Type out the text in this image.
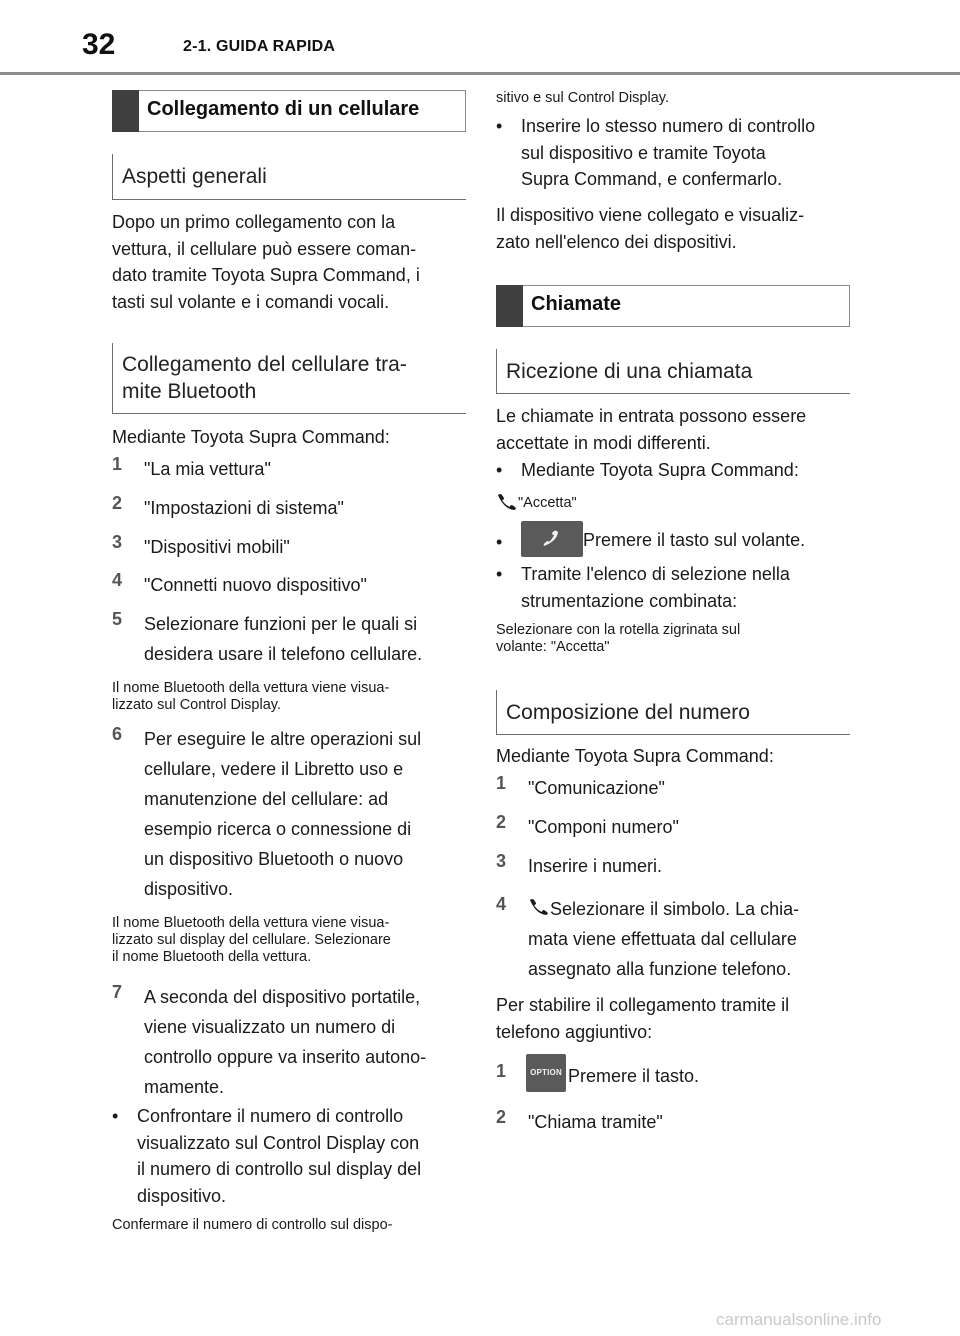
32	2-1. GUIDA RAPIDA
Collegamento di un cellulare
Aspetti generali
Dopo un primo collegamento con la
vettura, il cellulare può essere coman-
dato tramite Toyota Supra Command, i
tasti sul volante e i comandi vocali.
Collegamento del cellulare tra-
mite Bluetooth
Mediante Toyota Supra Command:
1 "La mia vettura"
2 "Impostazioni di sistema"
3 "Dispositivi mobili"
4 "Connetti nuovo dispositivo"
5 Selezionare funzioni per le quali si
desidera usare il telefono cellulare.
Il nome Bluetooth della vettura viene visua-
lizzato sul Control Display.
6 Per eseguire le altre operazioni sul
cellulare, vedere il Libretto uso e
manutenzione del cellulare: ad
esempio ricerca o connessione di
un dispositivo Bluetooth o nuovo
dispositivo.
Il nome Bluetooth della vettura viene visua-
lizzato sul display del cellulare. Selezionare
il nome Bluetooth della vettura.
7 A seconda del dispositivo portatile,
viene visualizzato un numero di
controllo oppure va inserito autono-
mamente.
• Confrontare il numero di controllo
visualizzato sul Control Display con
il numero di controllo sul display del
dispositivo.
Confermare il numero di controllo sul dispo-
sitivo e sul Control Display.
• Inserire lo stesso numero di controllo
sul dispositivo e tramite Toyota
Supra Command, e confermarlo.
Il dispositivo viene collegato e visualiz-
zato nell'elenco dei dispositivi.
Chiamate
Ricezione di una chiamata
Le chiamate in entrata possono essere
accettate in modi differenti.
• Mediante Toyota Supra Command:
"Accetta"
•	Premere il tasto sul volante.
• Tramite l'elenco di selezione nella
strumentazione combinata:
Selezionare con la rotella zigrinata sul
volante: "Accetta"
Composizione del numero
Mediante Toyota Supra Command:
1 "Comunicazione"
2 "Componi numero"
3 Inserire i numeri.
4	Selezionare il simbolo. La chia-
mata viene effettuata dal cellulare
assegnato alla funzione telefono.
Per stabilire il collegamento tramite il
telefono aggiuntivo:
1	OPTION Premere il tasto.
2 "Chiama tramite"
carmanualsonline.info
